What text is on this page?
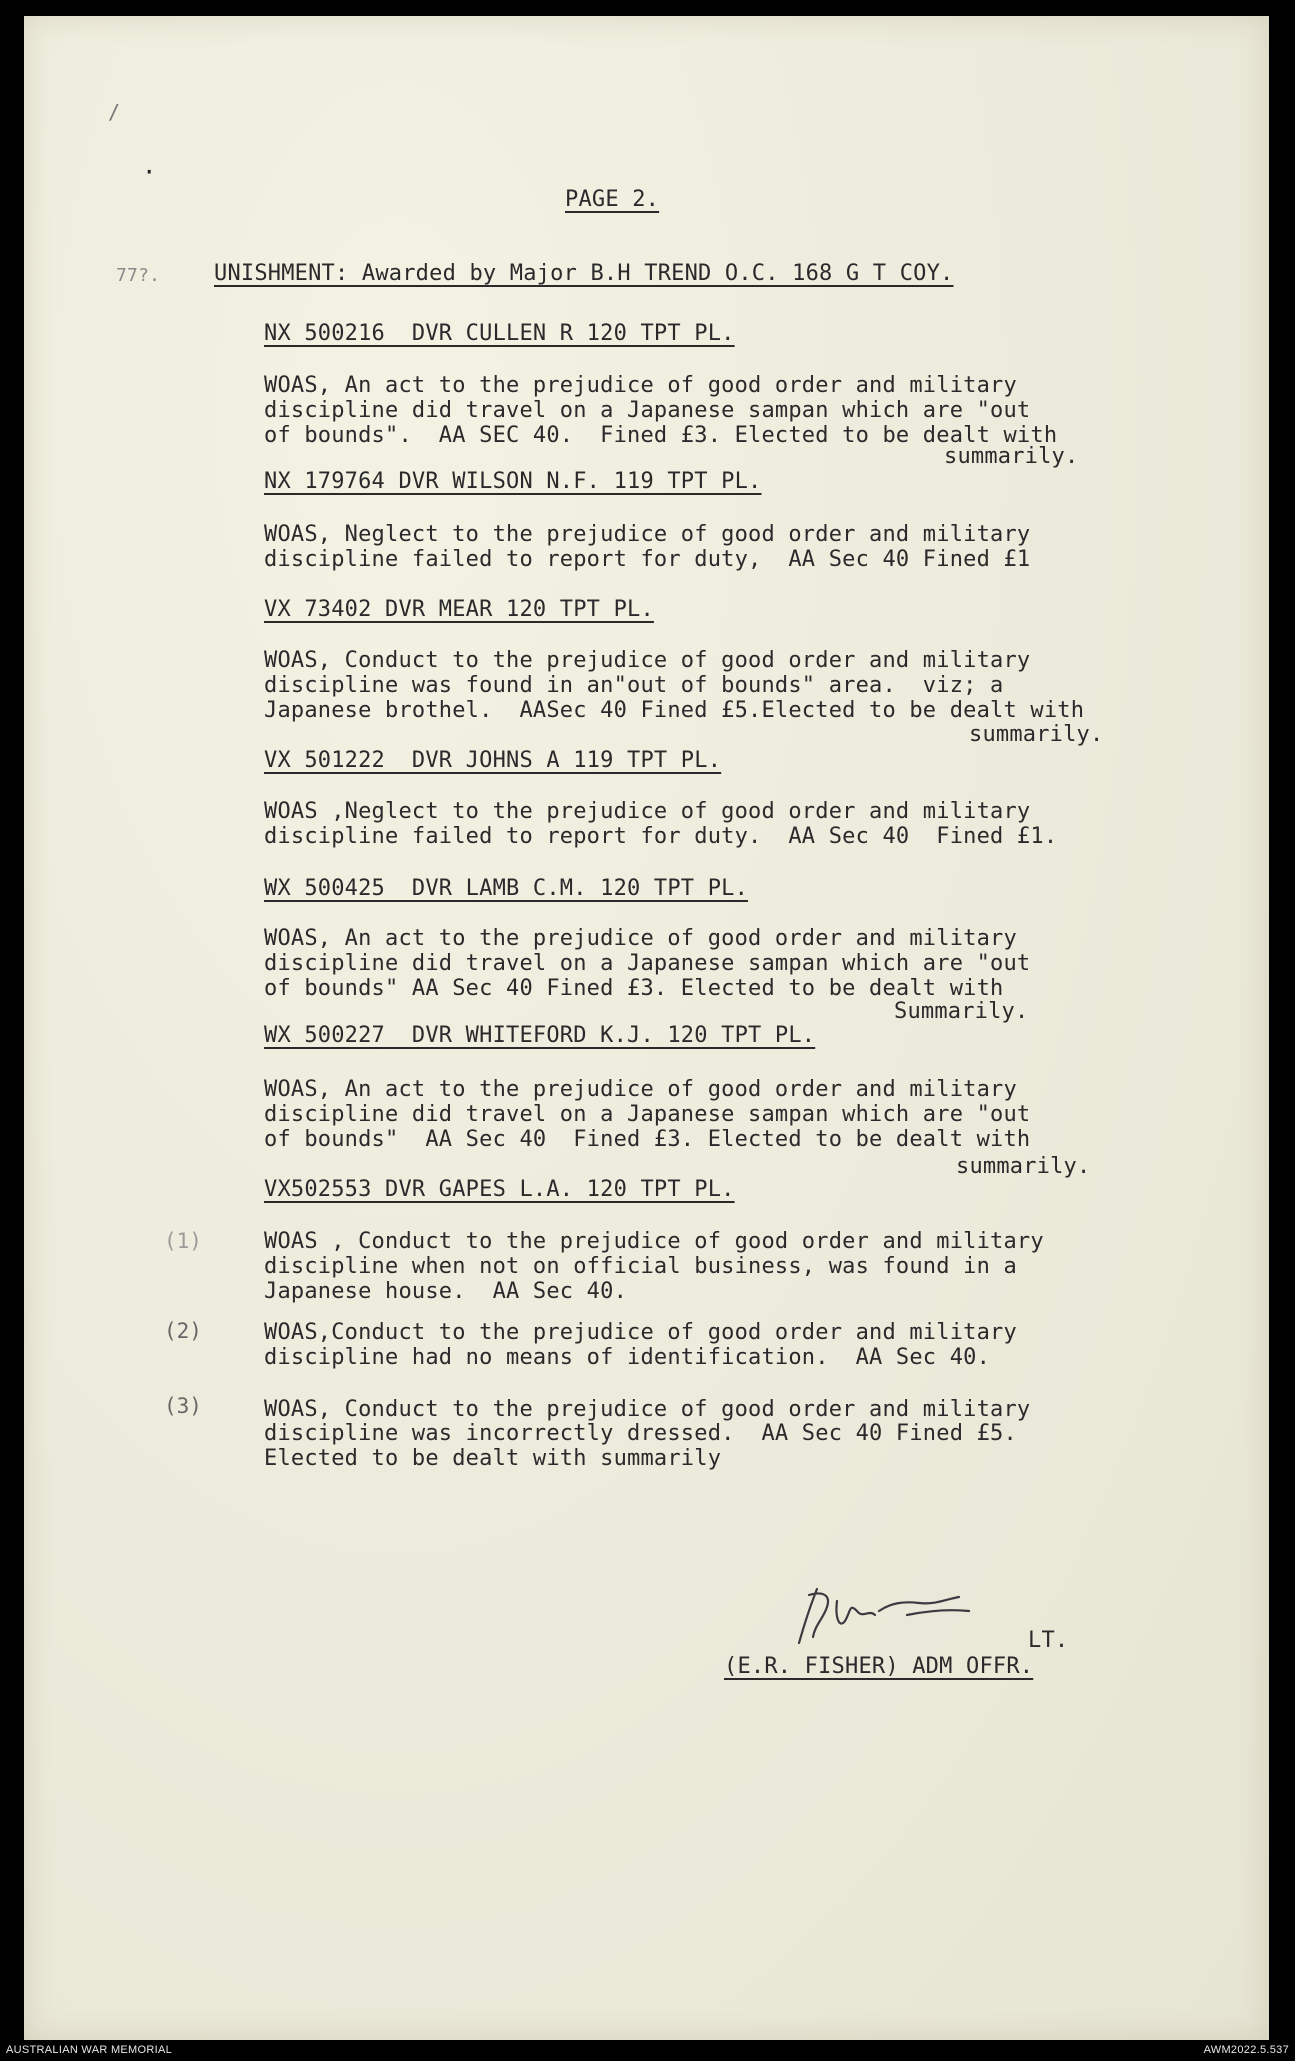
/
·
PAGE 2.
77?. UNISHMENT: Awarded by Major B.H TREND O.C. 168 G T COY.
NX 500216  DVR CULLEN R 120 TPT PL.
WOAS, An act to the prejudice of good order and military
discipline did travel on a Japanese sampan which are "out
of bounds".  AA SEC 40.  Fined £3. Elected to be dealt with
summarily.
NX 179764 DVR WILSON N.F. 119 TPT PL.
WOAS, Neglect to the prejudice of good order and military
discipline failed to report for duty,  AA Sec 40 Fined £1
VX 73402 DVR MEAR 120 TPT PL.
WOAS, Conduct to the prejudice of good order and military
discipline was found in an"out of bounds" area.  viz; a
Japanese brothel.  AASec 40 Fined £5.Elected to be dealt with
summarily.
VX 501222  DVR JOHNS A 119 TPT PL.
WOAS ,Neglect to the prejudice of good order and military
discipline failed to report for duty.  AA Sec 40  Fined £1.
WX 500425  DVR LAMB C.M. 120 TPT PL.
WOAS, An act to the prejudice of good order and military
discipline did travel on a Japanese sampan which are "out
of bounds" AA Sec 40 Fined £3. Elected to be dealt with
Summarily.
WX 500227  DVR WHITEFORD K.J. 120 TPT PL.
WOAS, An act to the prejudice of good order and military
discipline did travel on a Japanese sampan which are "out
of bounds"  AA Sec 40  Fined £3. Elected to be dealt with
summarily.
VX502553 DVR GAPES L.A. 120 TPT PL.
(1)	WOAS , Conduct to the prejudice of good order and military
discipline when not on official business, was found in a
Japanese house.  AA Sec 40.
(2)	WOAS,Conduct to the prejudice of good order and military
discipline had no means of identification.  AA Sec 40.
(3)	WOAS, Conduct to the prejudice of good order and military
discipline was incorrectly dressed.  AA Sec 40 Fined £5.
Elected to be dealt with summarily
LT.
(E.R. FISHER) ADM OFFR.
AUSTRALIAN WAR MEMORIAL	AWM2022.5.537
